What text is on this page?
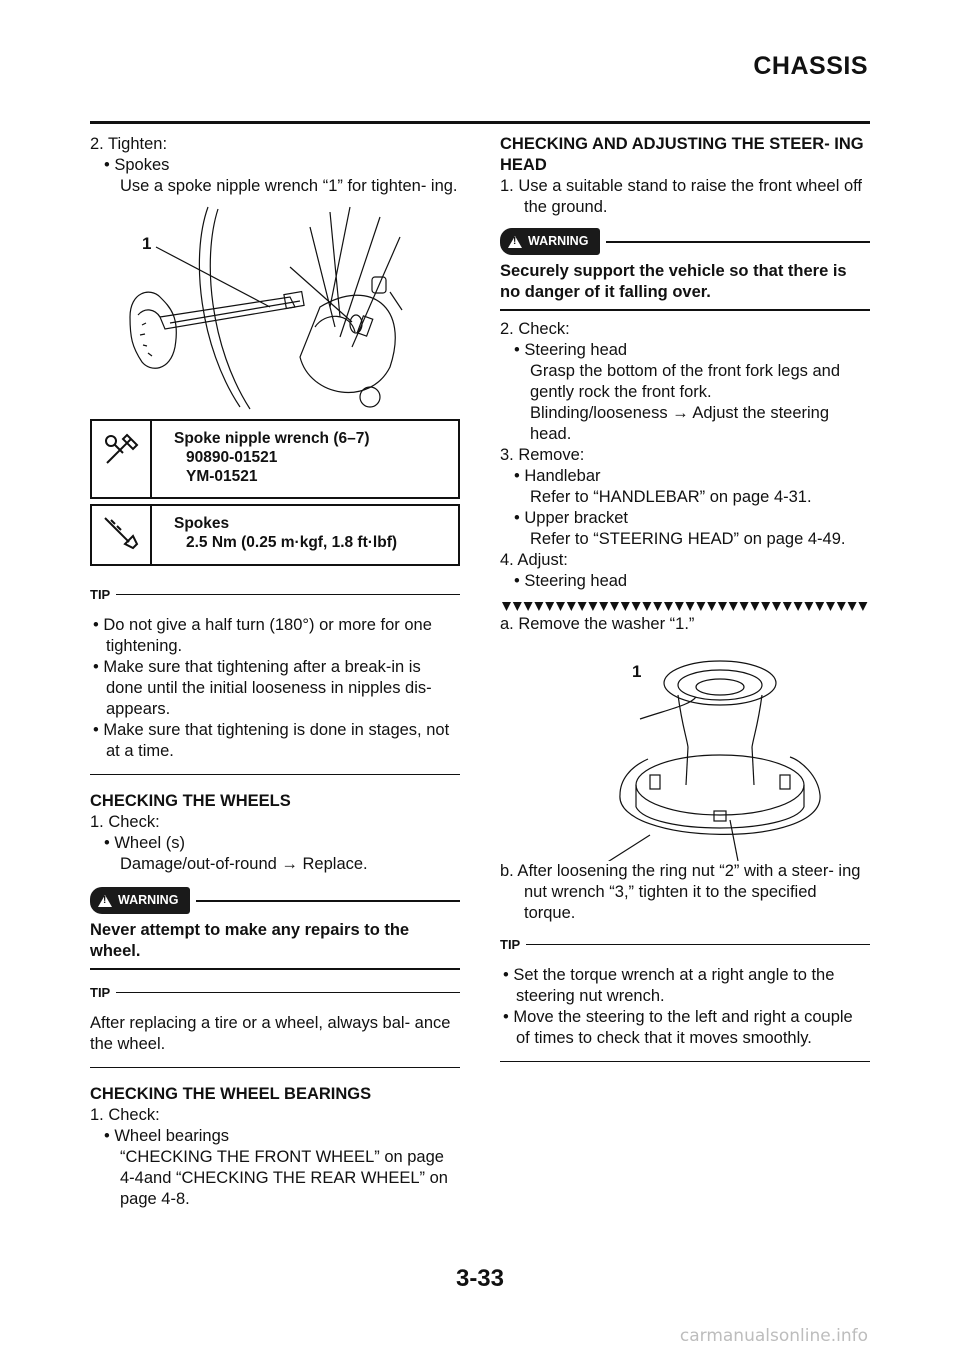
CHASSIS

2. Tighten:

• Spokes

Use a spoke nipple wrench “1” for tighten- ing.

1
Spoke nipple wrench (6–7)
90890-01521
YM-01521
Spokes
2.5 Nm (0.25 m·kgf, 1.8 ft·lbf)
TIP

• Do not give a half turn (180°) or more for one tightening.

• Make sure that tightening after a break-in is done until the initial looseness in nipples dis- appears.

• Make sure that tightening is done in stages, not at a time.

CHECKING THE WHEELS

1. Check:

• Wheel (s)

Damage/out-of-round → Replace.

!
WARNING

Never attempt to make any repairs to the wheel.

TIP

After replacing a tire or a wheel, always bal- ance the wheel.

CHECKING THE WHEEL BEARINGS

1. Check:

• Wheel bearings

“CHECKING THE FRONT WHEEL” on page 4-4and “CHECKING THE REAR WHEEL” on page 4-8.

CHECKING AND ADJUSTING THE STEER- ING HEAD

1. Use a suitable stand to raise the front wheel off the ground.

!
WARNING

Securely support the vehicle so that there is no danger of it falling over.

2. Check:

• Steering head

Grasp the bottom of the front fork legs and gently rock the front fork.

Blinding/looseness → Adjust the steering head.

3. Remove:

• Handlebar

Refer to “HANDLEBAR” on page 4-31.

• Upper bracket

Refer to “STEERING HEAD” on page 4-49.

4. Adjust:

• Steering head

a. Remove the washer “1.”

1

b. After loosening the ring nut “2” with a steer- ing nut wrench “3,” tighten it to the specified torque.

TIP

• Set the torque wrench at a right angle to the steering nut wrench.

• Move the steering to the left and right a couple of times to check that it moves smoothly.

3-33
carmanualsonline.info
